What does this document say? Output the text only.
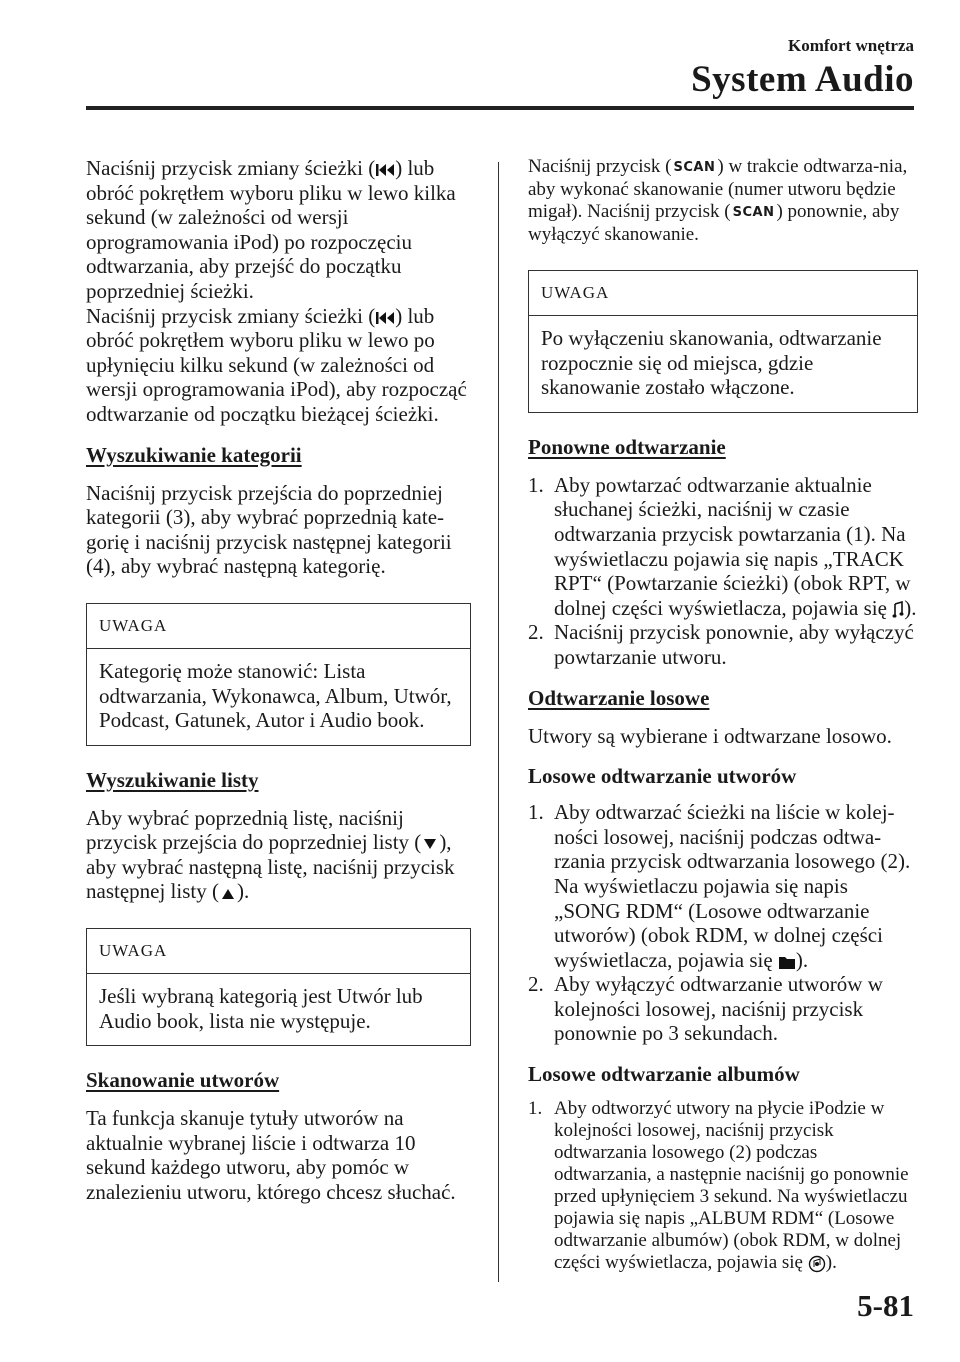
Komfort wnętrza
System Audio

Naciśnij przycisk zmiany ścieżki ( ) lub obróć pokrętłem wyboru pliku w lewo kilka sekund (w zależności od wersji oprogramowania iPod) po rozpoczęciu odtwarzania, aby przejść do początku poprzedniej ścieżki.

Naciśnij przycisk zmiany ścieżki ( ) lub obróć pokrętłem wyboru pliku w lewo po upłynięciu kilku sekund (w zależności od wersji oprogramowania iPod), aby rozpocząć odtwarzanie od początku bieżącej ścieżki.

Wyszukiwanie kategorii

Naciśnij przycisk przejścia do poprzedniej kategorii (3), aby wybrać poprzednią kate-gorię i naciśnij przycisk następnej kategorii (4), aby wybrać następną kategorię.

UWAGA
Kategorię może stanowić: Lista odtwarzania, Wykonawca, Album, Utwór, Podcast, Gatunek, Autor i Audio book.
Wyszukiwanie listy

Aby wybrać poprzednią listę, naciśnij przycisk przejścia do poprzedniej listy ( ), aby wybrać następną listę, naciśnij przycisk następnej listy ( ).

UWAGA
Jeśli wybraną kategorią jest Utwór lub Audio book, lista nie występuje.
Skanowanie utworów

Ta funkcja skanuje tytuły utworów na aktualnie wybranej liście i odtwarza 10 sekund każdego utworu, aby pomóc w znalezieniu utworu, którego chcesz słuchać.

Naciśnij przycisk ( SCAN ) w trakcie odtwarza-nia, aby wykonać skanowanie (numer utworu będzie migał). Naciśnij przycisk ( SCAN ) ponownie, aby wyłączyć skanowanie.

UWAGA
Po wyłączeniu skanowania, odtwarzanie rozpocznie się od miejsca, gdzie skanowanie zostało włączone.
Ponowne odtwarzanie
1. Aby powtarzać odtwarzanie aktualnie słuchanej ścieżki, naciśnij w czasie odtwarzania przycisk powtarzania (1). Na wyświetlaczu pojawia się napis „TRACK RPT“ (Powtarzanie ścieżki) (obok RPT, w dolnej części wyświetlacza, pojawia się ).
2. Naciśnij przycisk ponownie, aby wyłączyć powtarzanie utworu.
Odtwarzanie losowe

Utwory są wybierane i odtwarzane losowo.

Losowe odtwarzanie utworów
1. Aby odtwarzać ścieżki na liście w kolej-ności losowej, naciśnij podczas odtwa-rzania przycisk odtwarzania losowego (2). Na wyświetlaczu pojawia się napis „SONG RDM“ (Losowe odtwarzanie utworów) (obok RDM, w dolnej części wyświetlacza, pojawia się ).
2. Aby wyłączyć odtwarzanie utworów w kolejności losowej, naciśnij przycisk ponownie po 3 sekundach.
Losowe odtwarzanie albumów
1. Aby odtworzyć utwory na płycie iPodzie w kolejności losowej, naciśnij przycisk odtwarzania losowego (2) podczas odtwarzania, a następnie naciśnij go ponownie przed upłynięciem 3 sekund. Na wyświetlaczu pojawia się napis „ALBUM RDM“ (Losowe odtwarzanie albumów) (obok RDM, w dolnej części wyświetlacza, pojawia się ).
5-81
